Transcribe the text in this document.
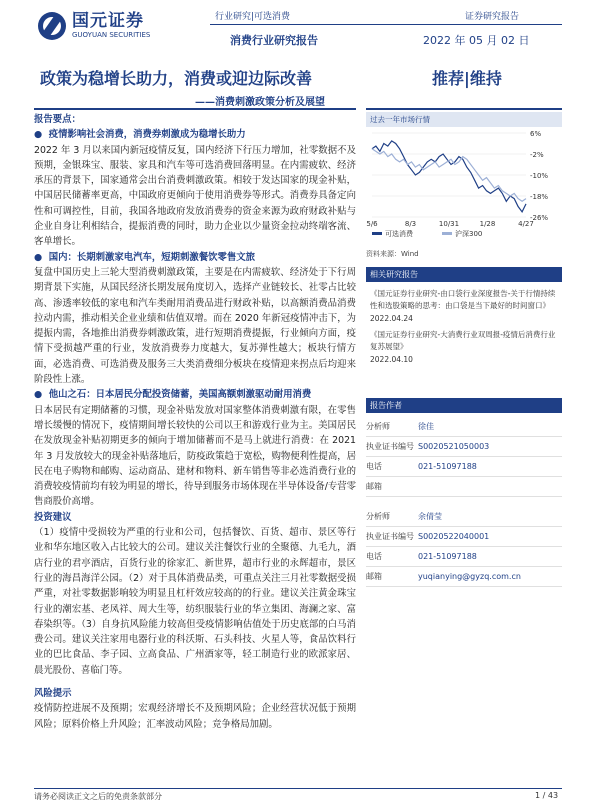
国元证券
GUOYUAN SECURITIES
行业研究|可选消费	证券研究报告
消费行业研究报告	2022 年 05 月 02 日
政策为稳增长助力，消费或迎边际改善
——消费刺激政策分析及展望
推荐|维持

报告要点：

●  疫情影响社会消费，消费券刺激成为稳增长助力

2022 年 3 月以来国内新冠疫情反复，国内经济下行压力增加，社零数据不及预期，金银珠宝、服装、家具和汽车等可选消费回落明显。在内需疲软、经济承压的背景下，国家通常会出台消费刺激政策。相较于发达国家的现金补贴，中国居民储蓄率更高，中国政府更倾向于使用消费券等形式。消费券具备定向性和可调控性，目前，我国各地政府发放消费券的资金来源为政府财政补贴与企业自身让利相结合，提振消费的同时，助力企业以少量资金拉动终端客流、客单增长。

●  国内：长期刺激家电汽车，短期刺激餐饮零售文旅

复盘中国历史上三轮大型消费刺激政策，主要是在内需疲软、经济处于下行周期背景下实施，从国民经济长期发展角度切入，选择产业链较长、社零占比较高、渗透率较低的家电和汽车类耐用消费品进行财政补贴，以高额消费品消费拉动内需，推动相关企业业绩和估值双增。而在 2020 年新冠疫情冲击下，为提振内需，各地推出消费券刺激政策，进行短期消费提振，行业倾向方面，疫情下受损越严重的行业，发放消费券力度越大，复苏弹性越大；板块行情方面，必选消费、可选消费及服务三大类消费细分板块在疫情迎来拐点后均迎来阶段性上涨。

●  他山之石：日本居民分配投资储蓄，美国高额刺激驱动耐用消费

日本居民有定期储蓄的习惯，现金补贴发放对国家整体消费刺激有限，在零售增长缓慢的情况下，疫情期间增长较快的公司以王和游戏行业为主。美国居民在发放现金补贴初期更多的倾向于增加储蓄而不是马上就进行消费：在 2021 年 3 月发放较大的现金补贴落地后，防疫政策趋于宽松，购物便利性提高，居民在电子购物和邮购、运动商品、建材和物料、新车销售等非必选消费行业的消费较疫情前均有较为明显的增长，待导到服务市场体现在半导体设备/专营零售商股价高增。

投资建议

（1）疫情中受损较为严重的行业和公司，包括餐饮、百货、超市、景区等行业和华东地区收入占比较大的公司。建议关注餐饮行业的全聚德、九毛九，酒店行业的君亭酒店，百货行业的徐家汇、新世界，超市行业的永辉超市，景区行业的海昌海洋公园。（2）对于具体消费品类，可重点关注三月社零数据受损严重，对社零数据影响较为明显且杠杆效应较高的的行业。建议关注黄金珠宝行业的潮宏基、老凤祥、周大生等，纺织服装行业的华立集团、海澜之家、富春染织等。（3）自身抗风险能力较高但受疫情影响估值处于历史底部的白马消费公司。建议关注家用电器行业的科沃斯、石头科技、火星人等，食品饮料行业的巴比食品、李子园、立高食品、广州酒家等，轻工制造行业的欧派家居、晨光股份、喜临门等。

风险提示

疫情防控进展不及预期；宏观经济增长不及预期风险；企业经营状况低于预期风险；原料价格上升风险；汇率波动风险；竞争格局加剧。

过去一年市场行情
6%
-2%
-10%
-18%
-26%
5/6	8/3	10/31	1/28	4/27
可选消费	沪深300
资料来源：Wind
相关研究报告
《国元证券行业研究-由口袋行业深度报告-关于行情持续性和选股策略的思考：由口袋是当下最好的时间窗口》
2022.04.24
《国元证券行业研究-大消费行业双周报-疫情后消费行业复苏展望》
2022.04.10
报告作者
分析师	徐佳
执业证书编号 S0020521050003
电话	021-51097188
邮箱
分析师	余倩莹
执业证书编号 S0020522040001
电话	021-51097188
邮箱	yuqianying@gyzq.com.cn
请务必阅读正文之后的免责条款部分	1 / 43
